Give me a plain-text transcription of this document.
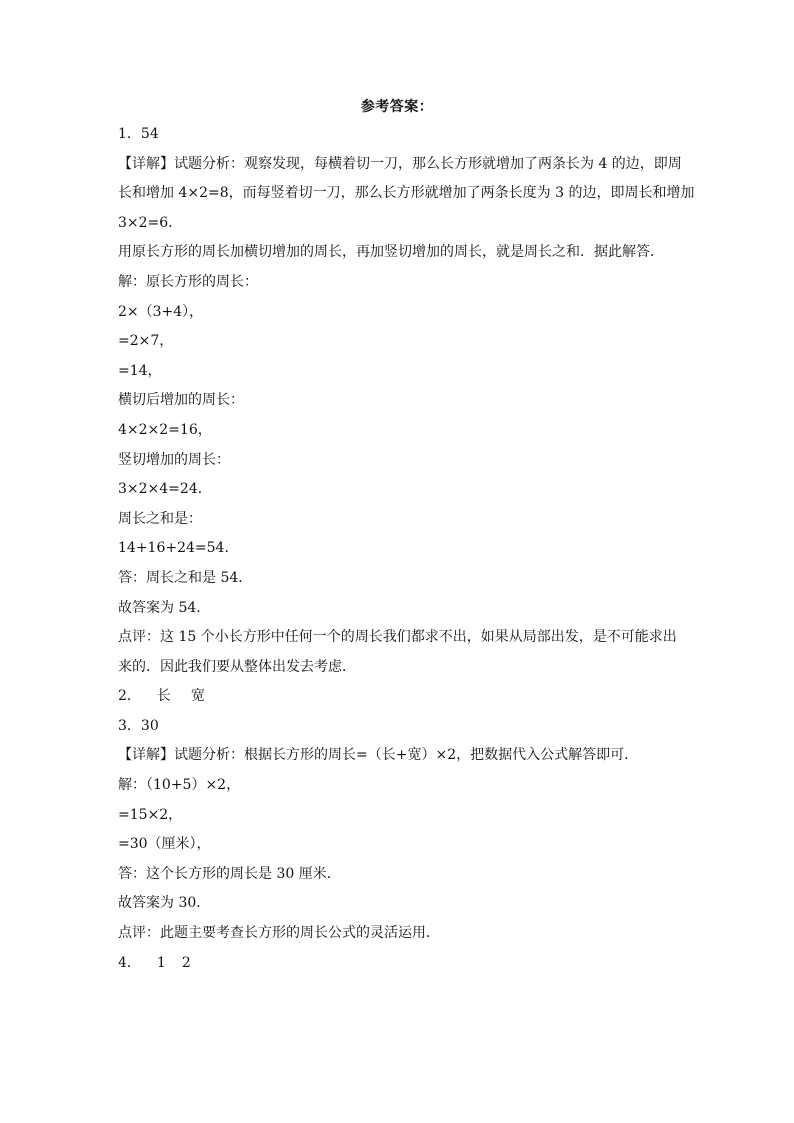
参考答案：
1．54
【详解】试题分析：观察发现，每横着切一刀，那么长方形就增加了两条长为 4 的边，即周
长和增加 4×2=8，而每竖着切一刀，那么长方形就增加了两条长度为 3 的边，即周长和增加
3×2=6．
用原长方形的周长加横切增加的周长，再加竖切增加的周长，就是周长之和．据此解答．
解：原长方形的周长：
2×（3+4），
=2×7，
=14，
横切后增加的周长：
4×2×2=16，
竖切增加的周长：
3×2×4=24．
周长之和是：
14+16+24=54．
答：周长之和是 54．
故答案为 54．
点评：这 15 个小长方形中任何一个的周长我们都求不出，如果从局部出发，是不可能求出
来的．因此我们要从整体出发去考虑．
2． 长 宽
3．30
【详解】试题分析：根据长方形的周长=（长+宽）×2，把数据代入公式解答即可．
解：（10+5）×2，
=15×2，
=30（厘米），
答：这个长方形的周长是 30 厘米．
故答案为 30．
点评：此题主要考查长方形的周长公式的灵活运用．
4． 1 2
